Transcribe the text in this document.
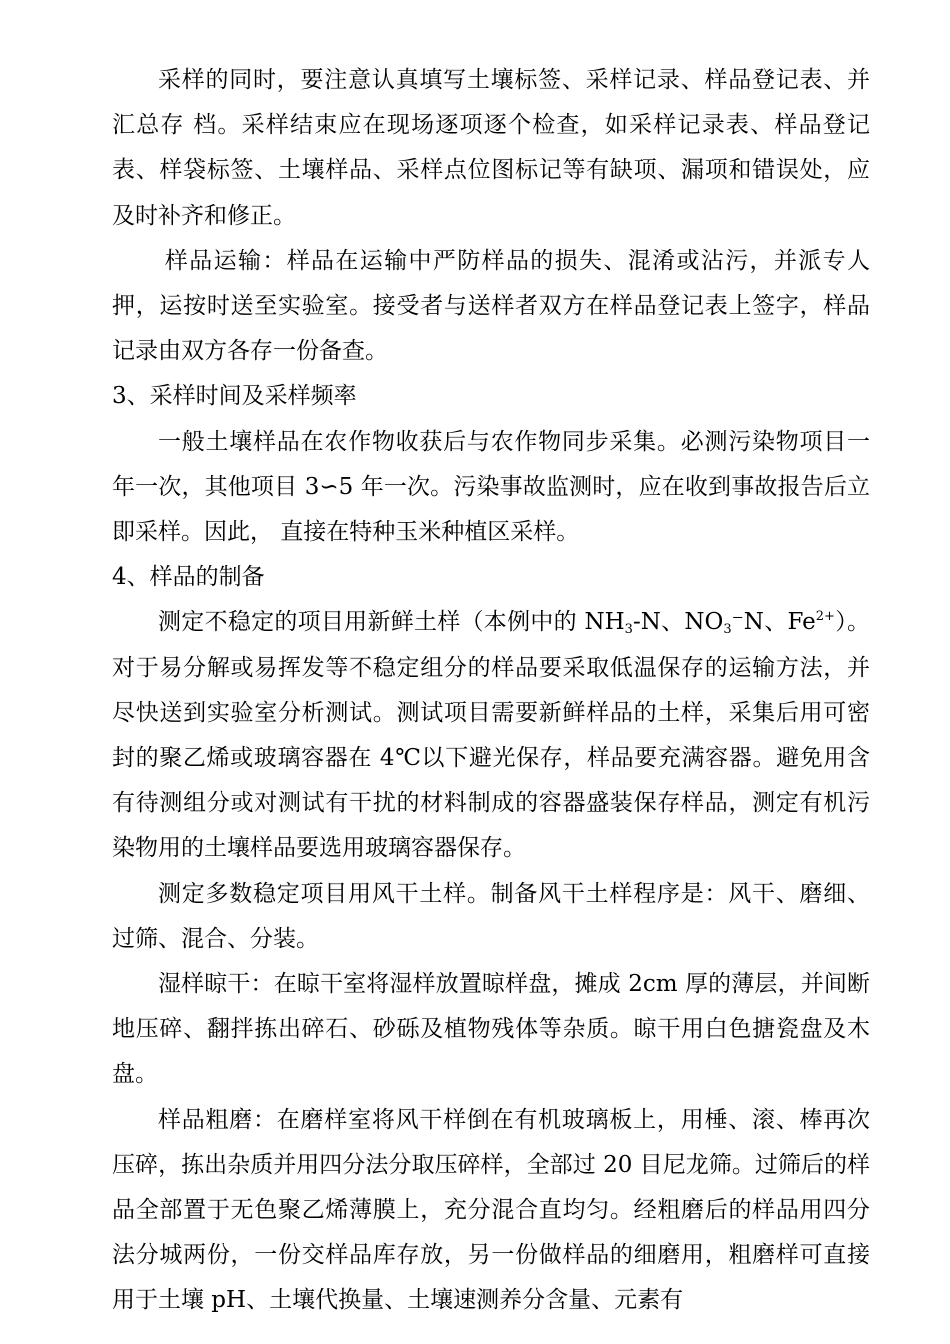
采样的同时，要注意认真填写土壤标签、采样记录、样品登记表、并汇总存 档。采样结束应在现场逐项逐个检查，如采样记录表、样品登记表、样袋标签、土壤样品、采样点位图标记等有缺项、漏项和错误处，应及时补齐和修正。

样品运输：样品在运输中严防样品的损失、混淆或沾污，并派专人押，运按时送至实验室。接受者与送样者双方在样品登记表上签字，样品记录由双方各存一份备查。

3、采样时间及采样频率

一般土壤样品在农作物收获后与农作物同步采集。必测污染物项目一年一次，其他项目 3∽5 年一次。污染事故监测时，应在收到事故报告后立即采样。因此， 直接在特种玉米种植区采样。

4、样品的制备

测定不稳定的项目用新鲜土样（本例中的 $NH_3-N$、$NO_3^-N$、$Fe^{2+}$）。对于易分解或易挥发等不稳定组分的样品要采取低温保存的运输方法，并尽快送到实验室分析测试。测试项目需要新鲜样品的土样，采集后用可密封的聚乙烯或玻璃容器在 4℃以下避光保存，样品要充满容器。避免用含有待测组分或对测试有干扰的材料制成的容器盛装保存样品，测定有机污染物用的土壤样品要选用玻璃容器保存。

测定多数稳定项目用风干土样。制备风干土样程序是：风干、磨细、过筛、混合、分装。

湿样晾干：在晾干室将湿样放置晾样盘，摊成 2cm 厚的薄层，并间断地压碎、翻拌拣出碎石、砂砾及植物残体等杂质。晾干用白色搪瓷盘及木盘。

样品粗磨：在磨样室将风干样倒在有机玻璃板上，用棰、滚、棒再次压碎，拣出杂质并用四分法分取压碎样，全部过 20 目尼龙筛。过筛后的样品全部置于无色聚乙烯薄膜上，充分混合直均匀。经粗磨后的样品用四分法分城两份，一份交样品库存放，另一份做样品的细磨用，粗磨样可直接用于土壤 pH、土壤代换量、土壤速测养分含量、元素有
